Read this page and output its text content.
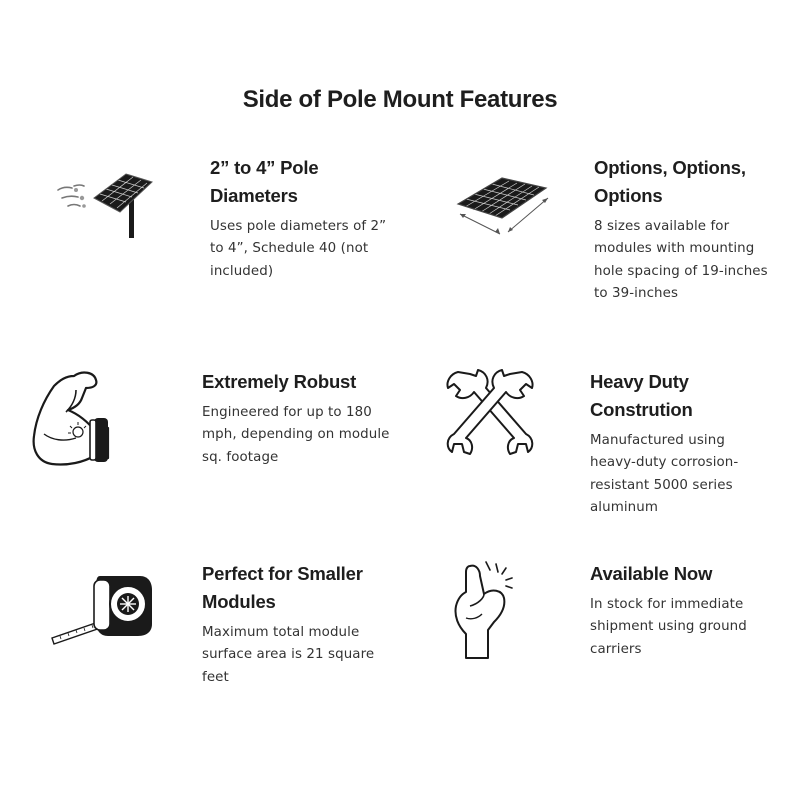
Side of Pole Mount Features
2” to 4” Pole
Diameters

Uses pole diameters of 2” to 4”, Schedule 40 (not included)

Options, Options,
Options

8 sizes available for modules with mounting hole spacing of 19-inches to 39-inches

Extremely Robust

Engineered for up to 180 mph, depending on module sq. footage

Heavy Duty
Constrution

Manufactured using heavy-duty corrosion-resistant 5000 series aluminum

Perfect for Smaller
Modules

Maximum total module surface area is 21 square feet

Available Now

In stock for immediate shipment using ground carriers
